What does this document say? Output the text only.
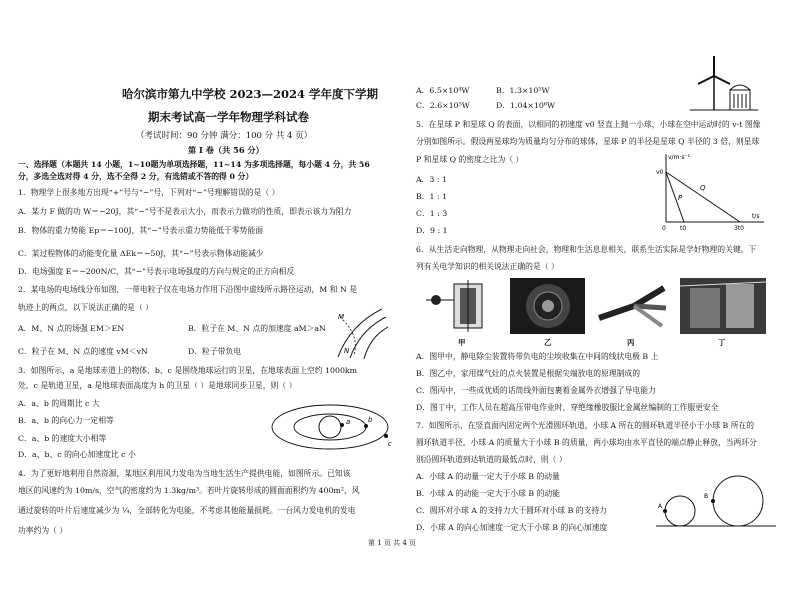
哈尔滨市第九中学校 2023—2024 学年度下学期
期末考试高一学年物理学科试卷
（考试时间：90 分钟 满分：100 分 共 4 页）
第 I 卷（共 56 分）
一、选择题（本题共 14 小题，1~10题为单项选择题，11~14 为多项选择题，每小题 4 分，共 56
分，多选全选对得 4 分，选不全得 2 分，有选错或不答的得 0 分）
1．物理学上很多地方出现“+”号与“−”号，下列对“−”号理解错误的是（ ）
A．某力 F 做的功 W＝−20J，其“−”号不是表示大小，而表示力做功的性质，即表示该力为阻力
B．物体的重力势能 Ep＝−100J，其“−”号表示重力势能低于零势能面
C．某过程物体的动能变化量 ΔEk＝−50J，其“−”号表示物体动能减少
D．电场强度 E＝−200N/C，其“−”号表示电场强度的方向与规定的正方向相反
2．某电场的电场线分布如图，一带电粒子仅在电场力作用下沿图中虚线所示路径运动，M 和 N 是
轨迹上的两点，以下说法正确的是（ ）
A．M、N 点的场强 EM＞EN	B．粒子在 M、N 点的加速度 aM＞aN
C．粒子在 M、N 点的速度 vM＜vN	D．粒子带负电
M
N
3．如图所示，a 是地球赤道上的物体，b、c 是围绕地球运行的卫星，在地球表面上空约 1000km
处，c 是轨道卫星，a 是地球表面高度为 h 的卫星（ ）是地球同步卫星，则（ ）
A．a、b 的周期比 c 大
B．a、b 的向心力一定相等
C．a、b 的速度大小相等
D．a、b、c 的向心加速度比 c 小
a	b
c
4．为了更好地利用自然资源，某地区利用风力发电为当地生活生产提供电能，如图所示。已知该
地区的风速约为 10m/s，空气的密度约为 1.3kg/m³。若叶片旋转形成的圆面面积约为 400m²，风
通过旋转的叶片后速度减少为 ¼，全部转化为电能，不考虑其他能量损耗。一台风力发电机的发电
功率约为（ ）
A．6.5×10⁴W	B．1.3×10⁵W
C．2.6×10⁵W	D．1.04×10⁶W
5．在星球 P 和星球 Q 的表面，以相同的初速度 v0 竖直上抛一小球，小球在空中运动时的 v-t 图像
分别如图所示。假设两星球均为质量均匀分布的球体，星球 P 的半径是星球 Q 半径的 3 倍，则星球
P 和星球 Q 的密度之比为（ ）
A．3 : 1
B．1 : 1
C．1 : 3
D．9 : 1
v/m·s⁻¹
v0
P
Q
0 t0	3t0
t/s
6．从生活走向物理，从物理走向社会，物理和生活息息相关，联系生活实际是学好物理的关键。下
列有关电学知识的相关说法正确的是（ ）
甲	乙	丙	丁
A．图甲中，静电除尘装置将带负电的尘埃收集在中间的线状电极 B 上
B．图乙中，家用煤气灶的点火装置是根据尖端放电的原理制成的
C．图丙中，一些成优质的话筒线外面包裹着金属外衣增强了导电能力
D．图丁中，工作人员在超高压带电作业时，穿绝缘橡胶服比金属丝编制的工作服更安全
7．如图所示，在竖直面内固定两个光滑圆环轨道，小球 A 所在的圆环轨道半径小于小球 B 所在的
圆环轨道半径，小球 A 的质量大于小球 B 的质量，两小球均由水平直径的端点静止释放，当两环分
别沿圆环轨道到达轨道的最低点时，则（ ）
A．小球 A 的动量一定大于小球 B 的动量
B．小球 A 的动能一定大于小球 B 的动能
C．圆环对小球 A 的支持力大于圆环对小球 B 的支持力
D．小球 A 的向心加速度一定大于小球 B 的向心加速度
A
B
第 1 页 共 4 页
